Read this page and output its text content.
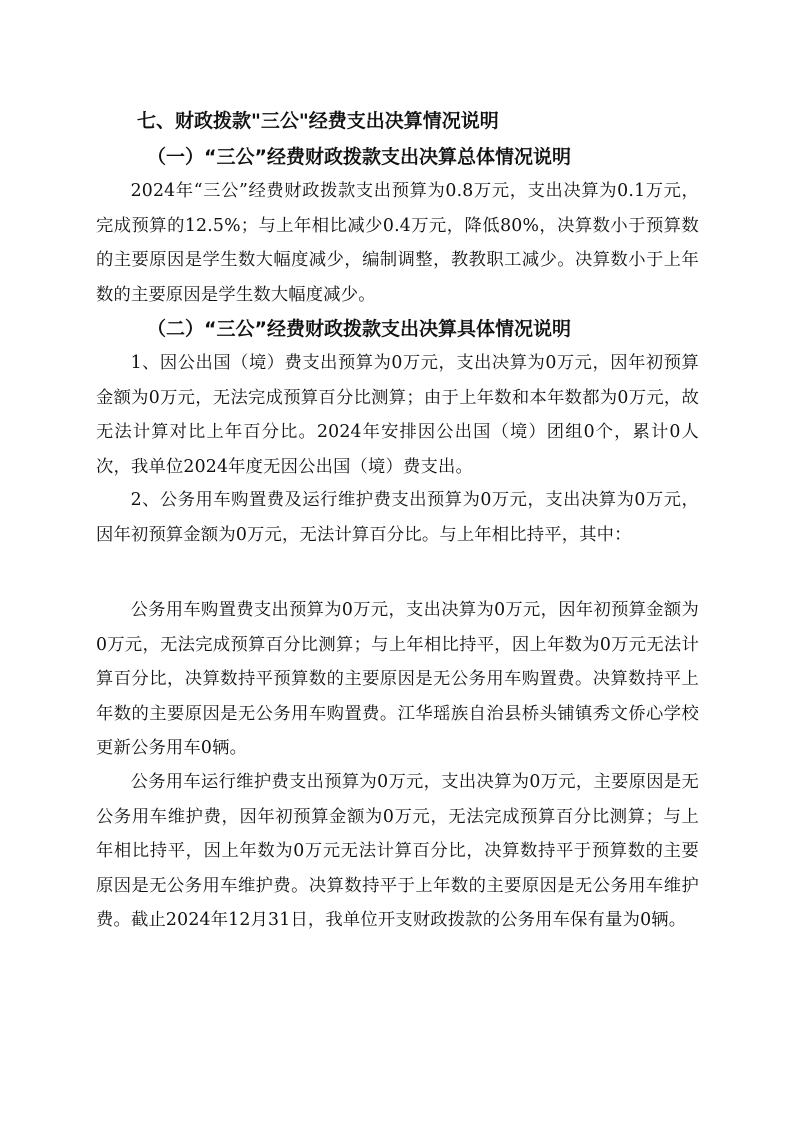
七、财政拨款"三公"经费支出决算情况说明
（一）“三公”经费财政拨款支出决算总体情况说明

2024年“三公”经费财政拨款支出预算为0.8万元，支出决算为0.1万元，完成预算的12.5%；与上年相比减少0.4万元，降低80%，决算数小于预算数的主要原因是学生数大幅度减少，编制调整，教教职工减少。决算数小于上年数的主要原因是学生数大幅度减少。

（二）“三公”经费财政拨款支出决算具体情况说明

1、因公出国（境）费支出预算为0万元，支出决算为0万元，因年初预算金额为0万元，无法完成预算百分比测算；由于上年数和本年数都为0万元，故无法计算对比上年百分比。2024年安排因公出国（境）团组0个，累计0人次，我单位2024年度无因公出国（境）费支出。

2、公务用车购置费及运行维护费支出预算为0万元，支出决算为0万元，因年初预算金额为0万元，无法计算百分比。与上年相比持平，其中：

公务用车购置费支出预算为0万元，支出决算为0万元，因年初预算金额为0万元，无法完成预算百分比测算；与上年相比持平，因上年数为0万元无法计算百分比，决算数持平预算数的主要原因是无公务用车购置费。决算数持平上年数的主要原因是无公务用车购置费。江华瑶族自治县桥头铺镇秀文侨心学校更新公务用车0辆。

公务用车运行维护费支出预算为0万元，支出决算为0万元，主要原因是无公务用车维护费，因年初预算金额为0万元，无法完成预算百分比测算；与上年相比持平，因上年数为0万元无法计算百分比，决算数持平于预算数的主要原因是无公务用车维护费。决算数持平于上年数的主要原因是无公务用车维护费。截止2024年12月31日，我单位开支财政拨款的公务用车保有量为0辆。
